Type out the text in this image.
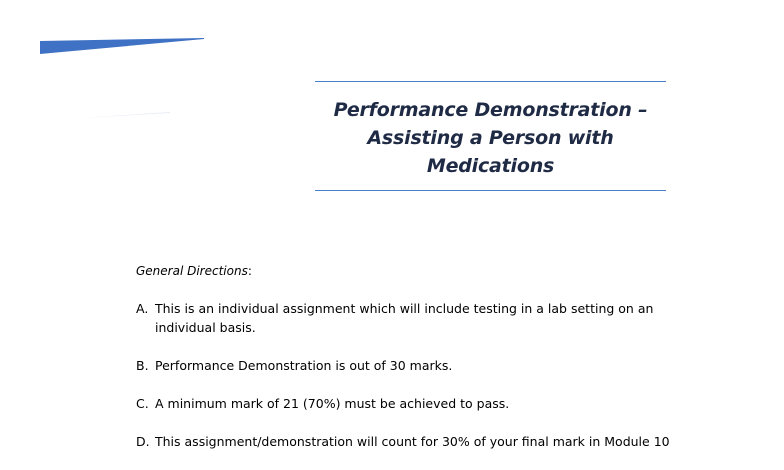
Performance Demonstration –
Assisting a Person with Medications
General Directions:
A. This is an individual assignment which will include testing in a lab setting on an individual basis.
B. Performance Demonstration is out of 30 marks.
C. A minimum mark of 21 (70%) must be achieved to pass.
D. This assignment/demonstration will count for 30% of your final mark in Module 10
